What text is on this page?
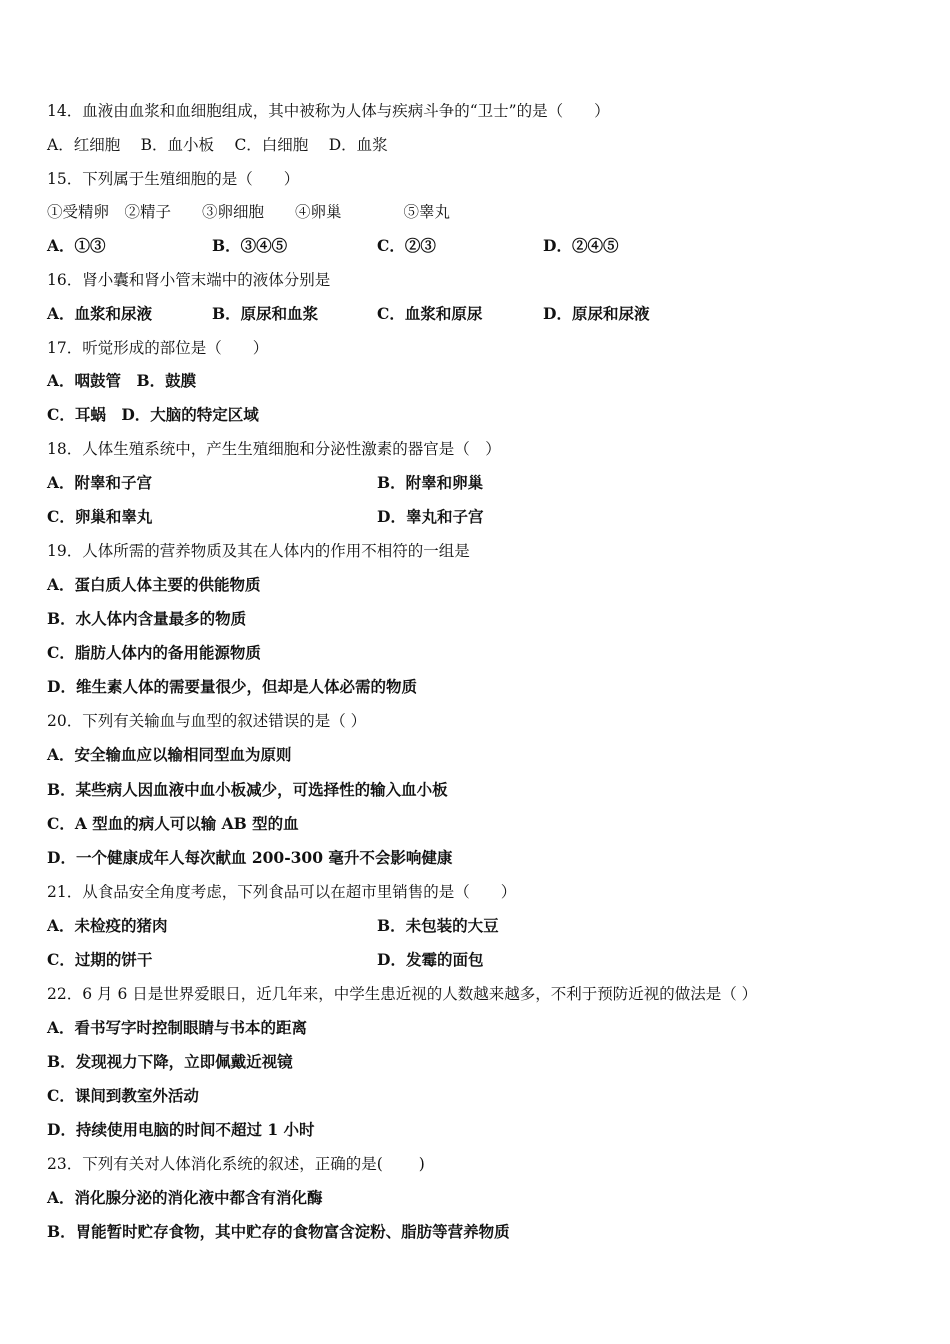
14．血液由血浆和血细胞组成，其中被称为人体与疾病斗争的“卫士”的是（　　）
A．红细胞　 B．血小板　 C．白细胞　 D．血浆
15．下列属于生殖细胞的是（　　）
①受精卵　②精子　　③卵细胞　　④卵巢　　　　⑤睾丸
A．①③	B．③④⑤	C．②③	D．②④⑤
16．肾小囊和肾小管末端中的液体分别是
A．血浆和尿液	B．原尿和血浆	C．血浆和原尿	D．原尿和尿液
17．听觉形成的部位是（　　）
A．咽鼓管　B．鼓膜
C．耳蜗　D．大脑的特定区域
18．人体生殖系统中，产生生殖细胞和分泌性激素的器官是（　）
A．附睾和子宫	B．附睾和卵巢
C．卵巢和睾丸	D．睾丸和子宫
19．人体所需的营养物质及其在人体内的作用不相符的一组是
A．蛋白质人体主要的供能物质
B．水人体内含量最多的物质
C．脂肪人体内的备用能源物质
D．维生素人体的需要量很少，但却是人体必需的物质
20．下列有关输血与血型的叙述错误的是（ ）
A．安全输血应以输相同型血为原则
B．某些病人因血液中血小板减少，可选择性的输入血小板
C．A 型血的病人可以输 AB 型的血
D．一个健康成年人每次献血 200-300 毫升不会影响健康
21．从食品安全角度考虑，下列食品可以在超市里销售的是（　　）
A．未检疫的猪肉	B．未包装的大豆
C．过期的饼干	D．发霉的面包
22．6 月 6 日是世界爱眼日，近几年来，中学生患近视的人数越来越多，不利于预防近视的做法是（ ）
A．看书写字时控制眼睛与书本的距离
B．发现视力下降，立即佩戴近视镜
C．课间到教室外活动
D．持续使用电脑的时间不超过 1 小时
23．下列有关对人体消化系统的叙述，正确的是(　　 )
A．消化腺分泌的消化液中都含有消化酶
B．胃能暂时贮存食物，其中贮存的食物富含淀粉、脂肪等营养物质
